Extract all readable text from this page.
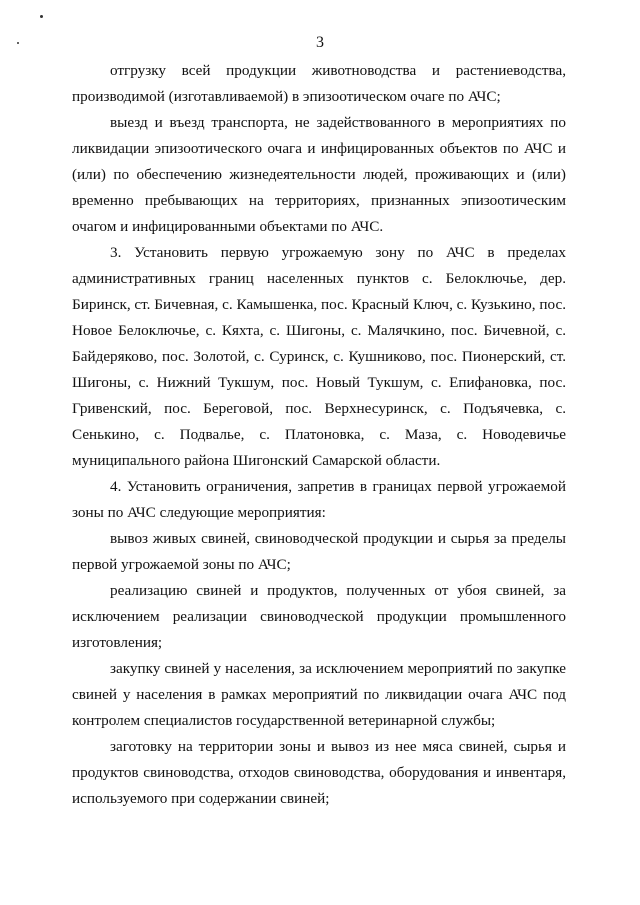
3

отгрузку всей продукции животноводства и растениеводства, производимой (изготавливаемой) в эпизоотическом очаге по АЧС;

выезд и въезд транспорта, не задействованного в мероприятиях по ликвидации эпизоотического очага и инфицированных объектов по АЧС и (или) по обеспечению жизнедеятельности людей, проживающих и (или) временно пребывающих на территориях, признанных эпизоотическим очагом и инфицированными объектами по АЧС.

3. Установить первую угрожаемую зону по АЧС в пределах административных границ населенных пунктов с. Белоключье, дер. Биринск, ст. Бичевная, с. Камышенка, пос. Красный Ключ, с. Кузькино, пос. Новое Белоключье, с. Кяхта, с. Шигоны, с. Малячкино, пос. Бичевной, с. Байдеряково, пос. Золотой, с. Суринск, с. Кушниково, пос. Пионерский, ст. Шигоны, с. Нижний Тукшум, пос. Новый Тукшум, с. Епифановка, пос. Гривенский, пос. Береговой, пос. Верхнесуринск, с. Подъячевка, с. Сенькино, с. Подвалье, с. Платоновка, с. Маза, с. Новодевичье муниципального района Шигонский Самарской области.

4. Установить ограничения, запретив в границах первой угрожаемой зоны по АЧС следующие мероприятия:

вывоз живых свиней, свиноводческой продукции и сырья за пределы первой угрожаемой зоны по АЧС;

реализацию свиней и продуктов, полученных от убоя свиней, за исключением реализации свиноводческой продукции промышленного изготовления;

закупку свиней у населения, за исключением мероприятий по закупке свиней у населения в рамках мероприятий по ликвидации очага АЧС под контролем специалистов государственной ветеринарной службы;

заготовку на территории зоны и вывоз из нее мяса свиней, сырья и продуктов свиноводства, отходов свиноводства, оборудования и инвентаря, используемого при содержании свиней;
